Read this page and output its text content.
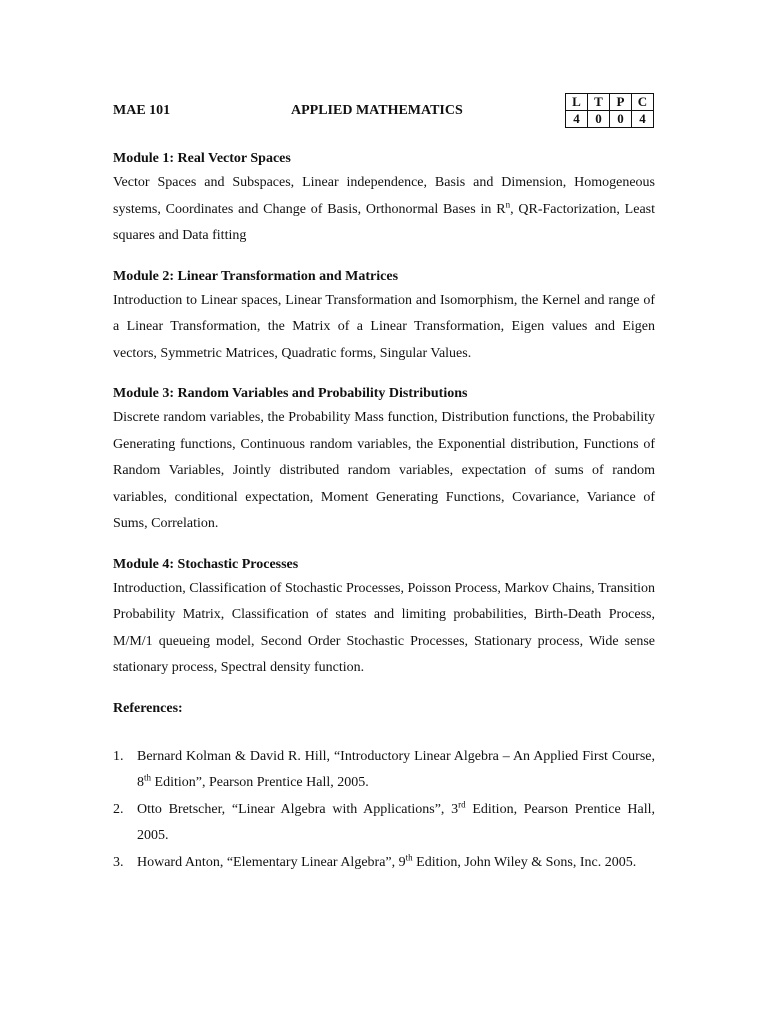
MAE 101	APPLIED MATHEMATICS
L	T	P	C
4	0	0	4
Module 1: Real Vector Spaces
Vector Spaces and Subspaces, Linear independence, Basis and Dimension, Homogeneous systems, Coordinates and Change of Basis, Orthonormal Bases in $R^n$, QR-Factorization, Least squares and Data fitting
Module 2: Linear Transformation and Matrices
Introduction to Linear spaces, Linear Transformation and Isomorphism, the Kernel and range of a Linear Transformation, the Matrix of a Linear Transformation, Eigen values and Eigen vectors, Symmetric Matrices, Quadratic forms, Singular Values.
Module 3: Random Variables and Probability Distributions
Discrete random variables, the Probability Mass function, Distribution functions, the Probability Generating functions, Continuous random variables, the Exponential distribution, Functions of Random Variables, Jointly distributed random variables, expectation of sums of random variables, conditional expectation, Moment Generating Functions, Covariance, Variance of Sums, Correlation.
Module 4: Stochastic Processes
Introduction, Classification of Stochastic Processes, Poisson Process, Markov Chains, Transition Probability Matrix, Classification of states and limiting probabilities, Birth-Death Process, M/M/1 queueing model, Second Order Stochastic Processes, Stationary process, Wide sense stationary process, Spectral density function.
References:
1. Bernard Kolman & David R. Hill, “Introductory Linear Algebra – An Applied First Course, 8th Edition”, Pearson Prentice Hall, 2005.
2. Otto Bretscher, “Linear Algebra with Applications”, 3rd Edition, Pearson Prentice Hall, 2005.
3. Howard Anton, “Elementary Linear Algebra”, 9th Edition, John Wiley & Sons, Inc. 2005.
